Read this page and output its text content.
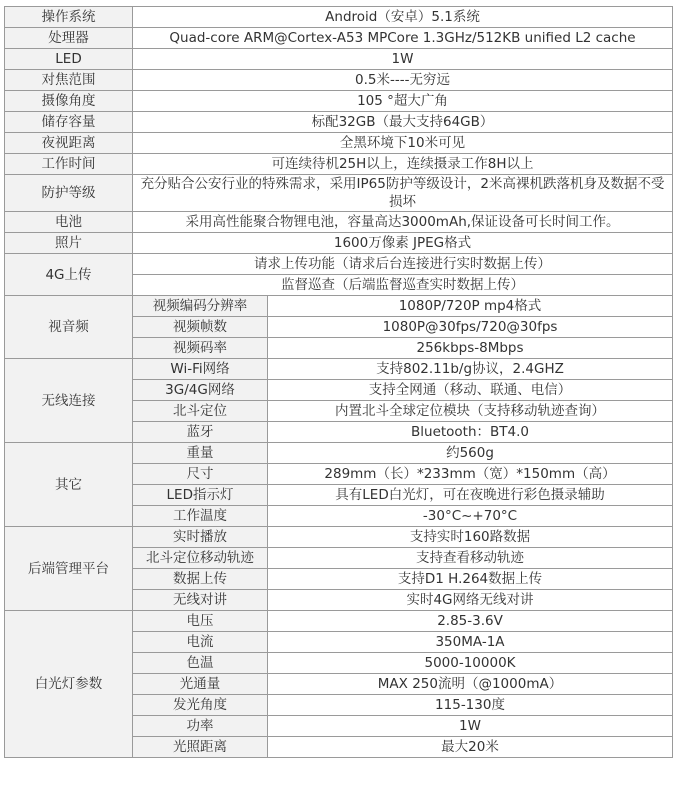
操作系统	Android（安卓）5.1系统	
处理器	Quad-core ARM@Cortex-A53 MPCore 1.3GHz/512KB unified L2 cache	
LED	1W	
对焦范围	0.5米----无穷远	
摄像角度	105 °超大广角	
储存容量	标配32GB（最大支持64GB）	
夜视距离	全黑环境下10米可见	
工作时间	可连续待机25H以上，连续摄录工作8H以上	
防护等级	充分贴合公安行业的特殊需求，采用IP65防护等级设计，2米高裸机跌落机身及数据不受损坏	
电池	采用高性能聚合物锂电池，容量高达3000mAh,保证设备可长时间工作。	
照片	1600万像素 JPEG格式	
4G上传	请求上传功能（请求后台连接进行实时数据上传）	
	监督巡查（后端监督巡查实时数据上传）	
视音频	视频编码分辨率	1080P/720P mp4格式
	视频帧数	1080P@30fps/720@30fps
	视频码率	256kbps-8Mbps
无线连接	Wi-Fi网络	支持802.11b/g协议，2.4GHZ
	3G/4G网络	支持全网通（移动、联通、电信）
	北斗定位	内置北斗全球定位模块（支持移动轨迹查询）
	蓝牙	Bluetooth：BT4.0
其它	重量	约560g
	尺寸	289mm（长）*233mm（宽）*150mm（高）
	LED指示灯	具有LED白光灯，可在夜晚进行彩色摄录辅助
	工作温度	-30°C~+70°C
后端管理平台	实时播放	支持实时160路数据
	北斗定位移动轨迹	支持查看移动轨迹
	数据上传	支持D1 H.264数据上传
	无线对讲	实时4G网络无线对讲
白光灯参数	电压	2.85-3.6V
	电流	350MA-1A
	色温	5000-10000K
	光通量	MAX 250流明（@1000mA）
	发光角度	115-130度
	功率	1W
	光照距离	最大20米
